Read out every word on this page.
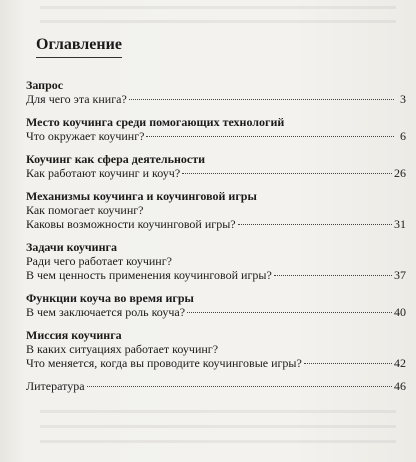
Оглавление
Запрос
Для чего эта книга?	3
Место коучинга среди помогающих технологий
Что окружает коучинг?	6
Коучинг как сфера деятельности
Как работают коучинг и коуч?	26
Механизмы коучинга и коучинговой игры
Как помогает коучинг?
Каковы возможности коучинговой игры?	31
Задачи коучинга
Ради чего работает коучинг?
В чем ценность применения коучинговой игры?	37
Функции коуча во время игры
В чем заключается роль коуча?	40
Миссия коучинга
В каких ситуациях работает коучинг?
Что меняется, когда вы проводите коучинговые игры?	42
Литература	46
